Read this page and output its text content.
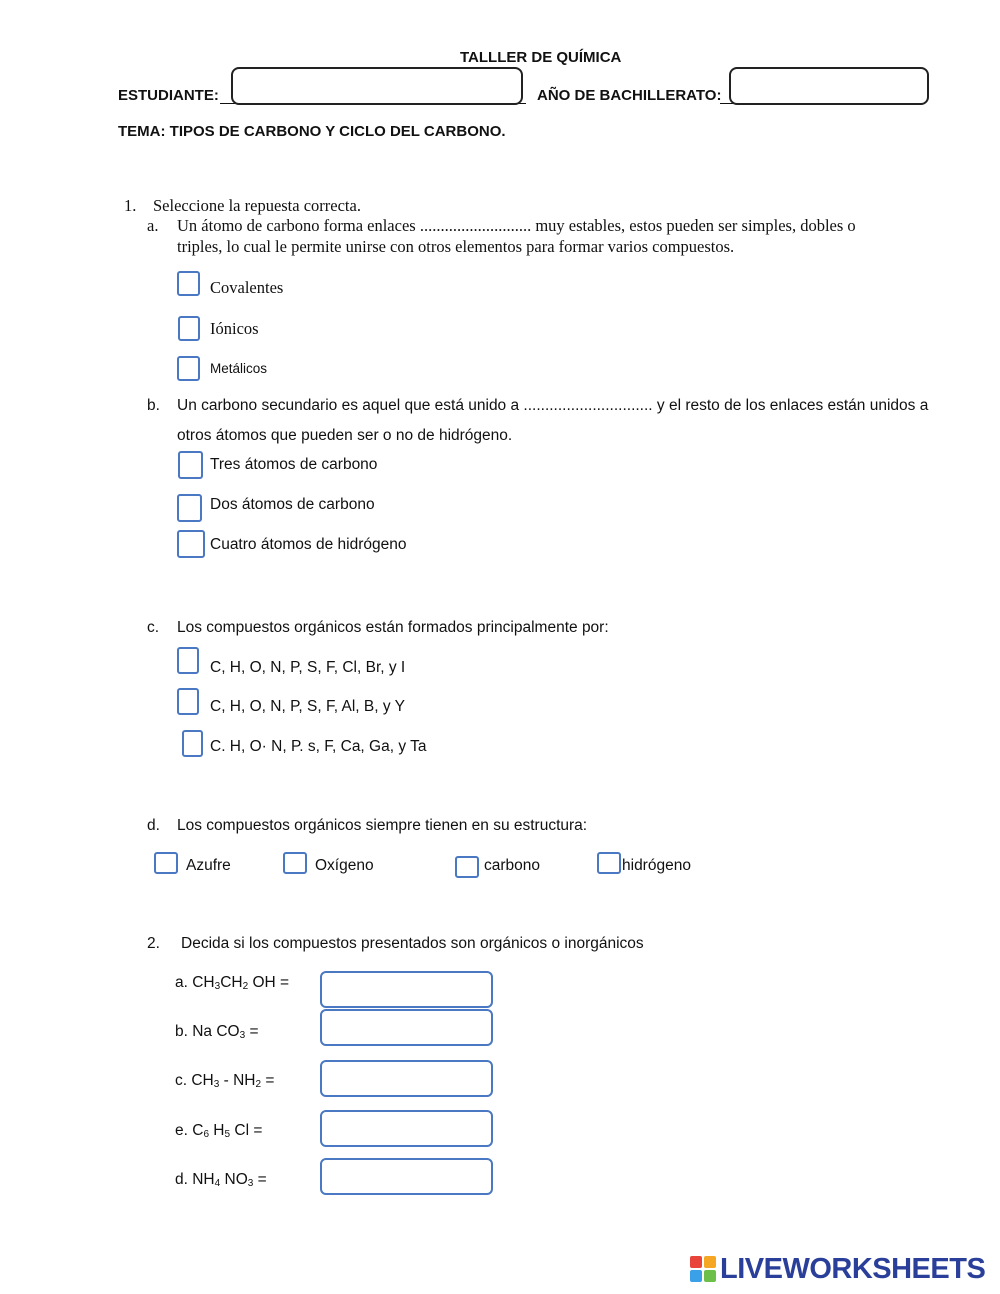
TALLLER DE QUÍMICA
ESTUDIANTE:	AÑO DE BACHILLERATO:
TEMA: TIPOS DE CARBONO Y CICLO DEL CARBONO.
1. Seleccione la repuesta correcta.
a. Un átomo de carbono forma enlaces ........................... muy estables, estos pueden ser simples, dobles o
triples, lo cual le permite unirse con otros elementos para formar varios compuestos.
Covalentes
Iónicos
Metálicos
b. Un carbono secundario es aquel que está unido a .............................. y el resto de los enlaces están unidos a
otros átomos que pueden ser o no de hidrógeno.
Tres átomos de carbono
Dos átomos de carbono
Cuatro átomos de hidrógeno
c. Los compuestos orgánicos están formados principalmente por:
C, H, O, N, P, S, F, Cl, Br, y I
C, H, O, N, P, S, F, Al, B, y Y
C. H, O· N, P. s, F, Ca, Ga, y Ta
d. Los compuestos orgánicos siempre tienen en su estructura:
Azufre	Oxígeno	carbono	hidrógeno
2. Decida si los compuestos presentados son orgánicos o inorgánicos
a. $CH_3CH_2$ OH =
b. Na $CO_3$ =
c. $CH_3 - NH_2$ =
e. $C_6$ $H_5$ Cl =
d. $NH_4$ $NO_3$ =
LIVEWORKSHEETS
